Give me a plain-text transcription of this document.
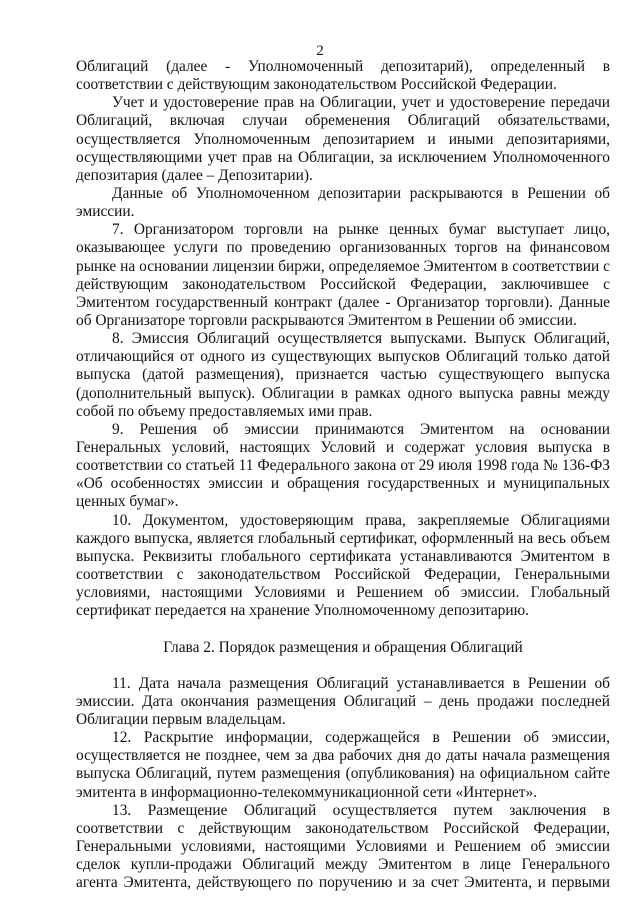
2
Облигаций (далее - Уполномоченный депозитарий), определенный в
соответствии с действующим законодательством Российской Федерации.
Учет и удостоверение прав на Облигации, учет и удостоверение передачи
Облигаций, включая случаи обременения Облигаций обязательствами,
осуществляется Уполномоченным депозитарием и иными депозитариями,
осуществляющими учет прав на Облигации, за исключением Уполномоченного
депозитария (далее – Депозитарии).
Данные об Уполномоченном депозитарии раскрываются в Решении об
эмиссии.
7. Организатором торговли на рынке ценных бумаг выступает лицо,
оказывающее услуги по проведению организованных торгов на финансовом
рынке на основании лицензии биржи, определяемое Эмитентом в соответствии с
действующим законодательством Российской Федерации, заключившее с
Эмитентом государственный контракт (далее - Организатор торговли). Данные
об Организаторе торговли раскрываются Эмитентом в Решении об эмиссии.
8. Эмиссия Облигаций осуществляется выпусками. Выпуск Облигаций,
отличающийся от одного из существующих выпусков Облигаций только датой
выпуска (датой размещения), признается частью существующего выпуска
(дополнительный выпуск). Облигации в рамках одного выпуска равны между
собой по объему предоставляемых ими прав.
9. Решения об эмиссии принимаются Эмитентом на основании
Генеральных условий, настоящих Условий и содержат условия выпуска в
соответствии со статьей 11 Федерального закона от 29 июля 1998 года № 136-ФЗ
«Об особенностях эмиссии и обращения государственных и муниципальных
ценных бумаг».
10. Документом, удостоверяющим права, закрепляемые Облигациями
каждого выпуска, является глобальный сертификат, оформленный на весь объем
выпуска. Реквизиты глобального сертификата устанавливаются Эмитентом в
соответствии с законодательством Российской Федерации, Генеральными
условиями, настоящими Условиями и Решением об эмиссии. Глобальный
сертификат передается на хранение Уполномоченному депозитарию.
Глава 2. Порядок размещения и обращения Облигаций
11. Дата начала размещения Облигаций устанавливается в Решении об
эмиссии. Дата окончания размещения Облигаций – день продажи последней
Облигации первым владельцам.
12. Раскрытие информации, содержащейся в Решении об эмиссии,
осуществляется не позднее, чем за два рабочих дня до даты начала размещения
выпуска Облигаций, путем размещения (опубликования) на официальном сайте
эмитента в информационно-телекоммуникационной сети «Интернет».
13. Размещение Облигаций осуществляется путем заключения в
соответствии с действующим законодательством Российской Федерации,
Генеральными условиями, настоящими Условиями и Решением об эмиссии
сделок купли-продажи Облигаций между Эмитентом в лице Генерального
агента Эмитента, действующего по поручению и за счет Эмитента, и первыми
